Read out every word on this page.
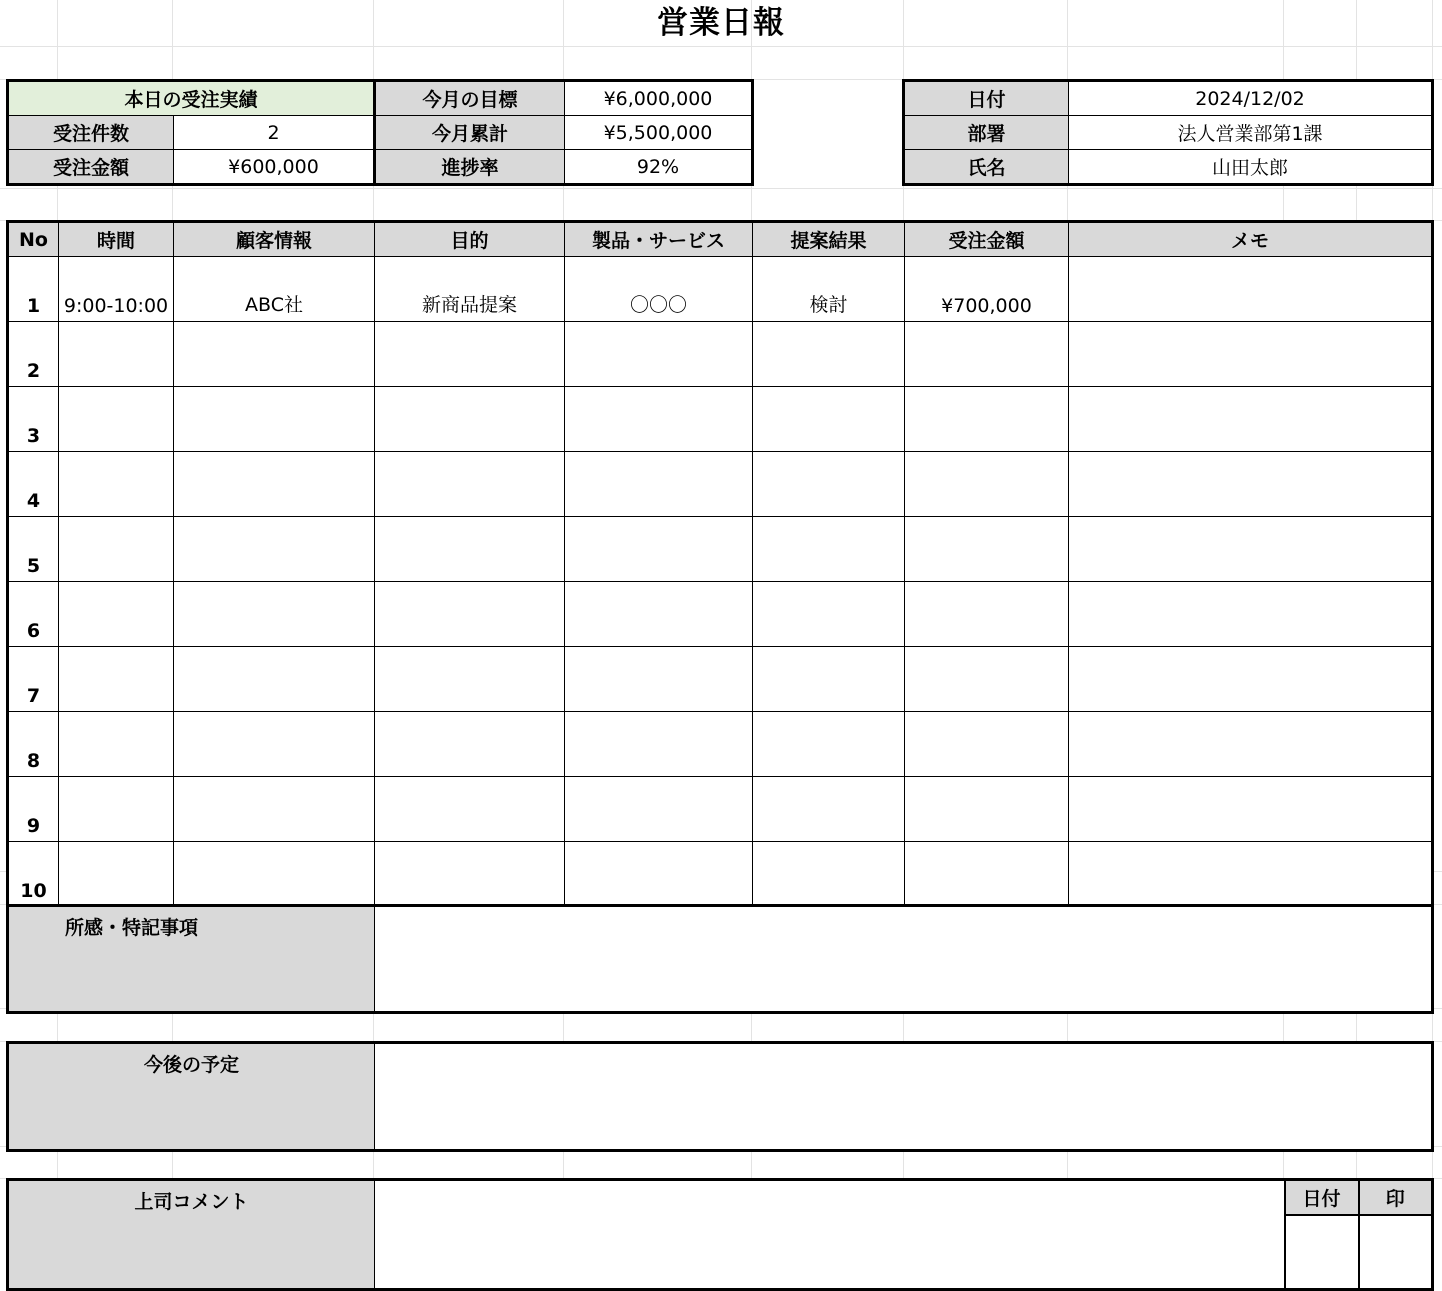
営業日報
本日の受注実績		今月の目標	¥6,000,000
受注件数	2	今月累計	¥5,500,000
受注金額	¥600,000	進捗率	92%
日付	2024/12/02
部署	法人営業部第1課
氏名	山田太郎
No	時間	顧客情報	目的	製品・サービス	提案結果	受注金額	メモ
1	9:00-10:00	ABC社	新商品提案	〇〇〇	検討	¥700,000	
2							
3							
4							
5							
6							
7							
8							
9							
10							
所感・特記事項	
今後の予定	
上司コメント		日付	印
